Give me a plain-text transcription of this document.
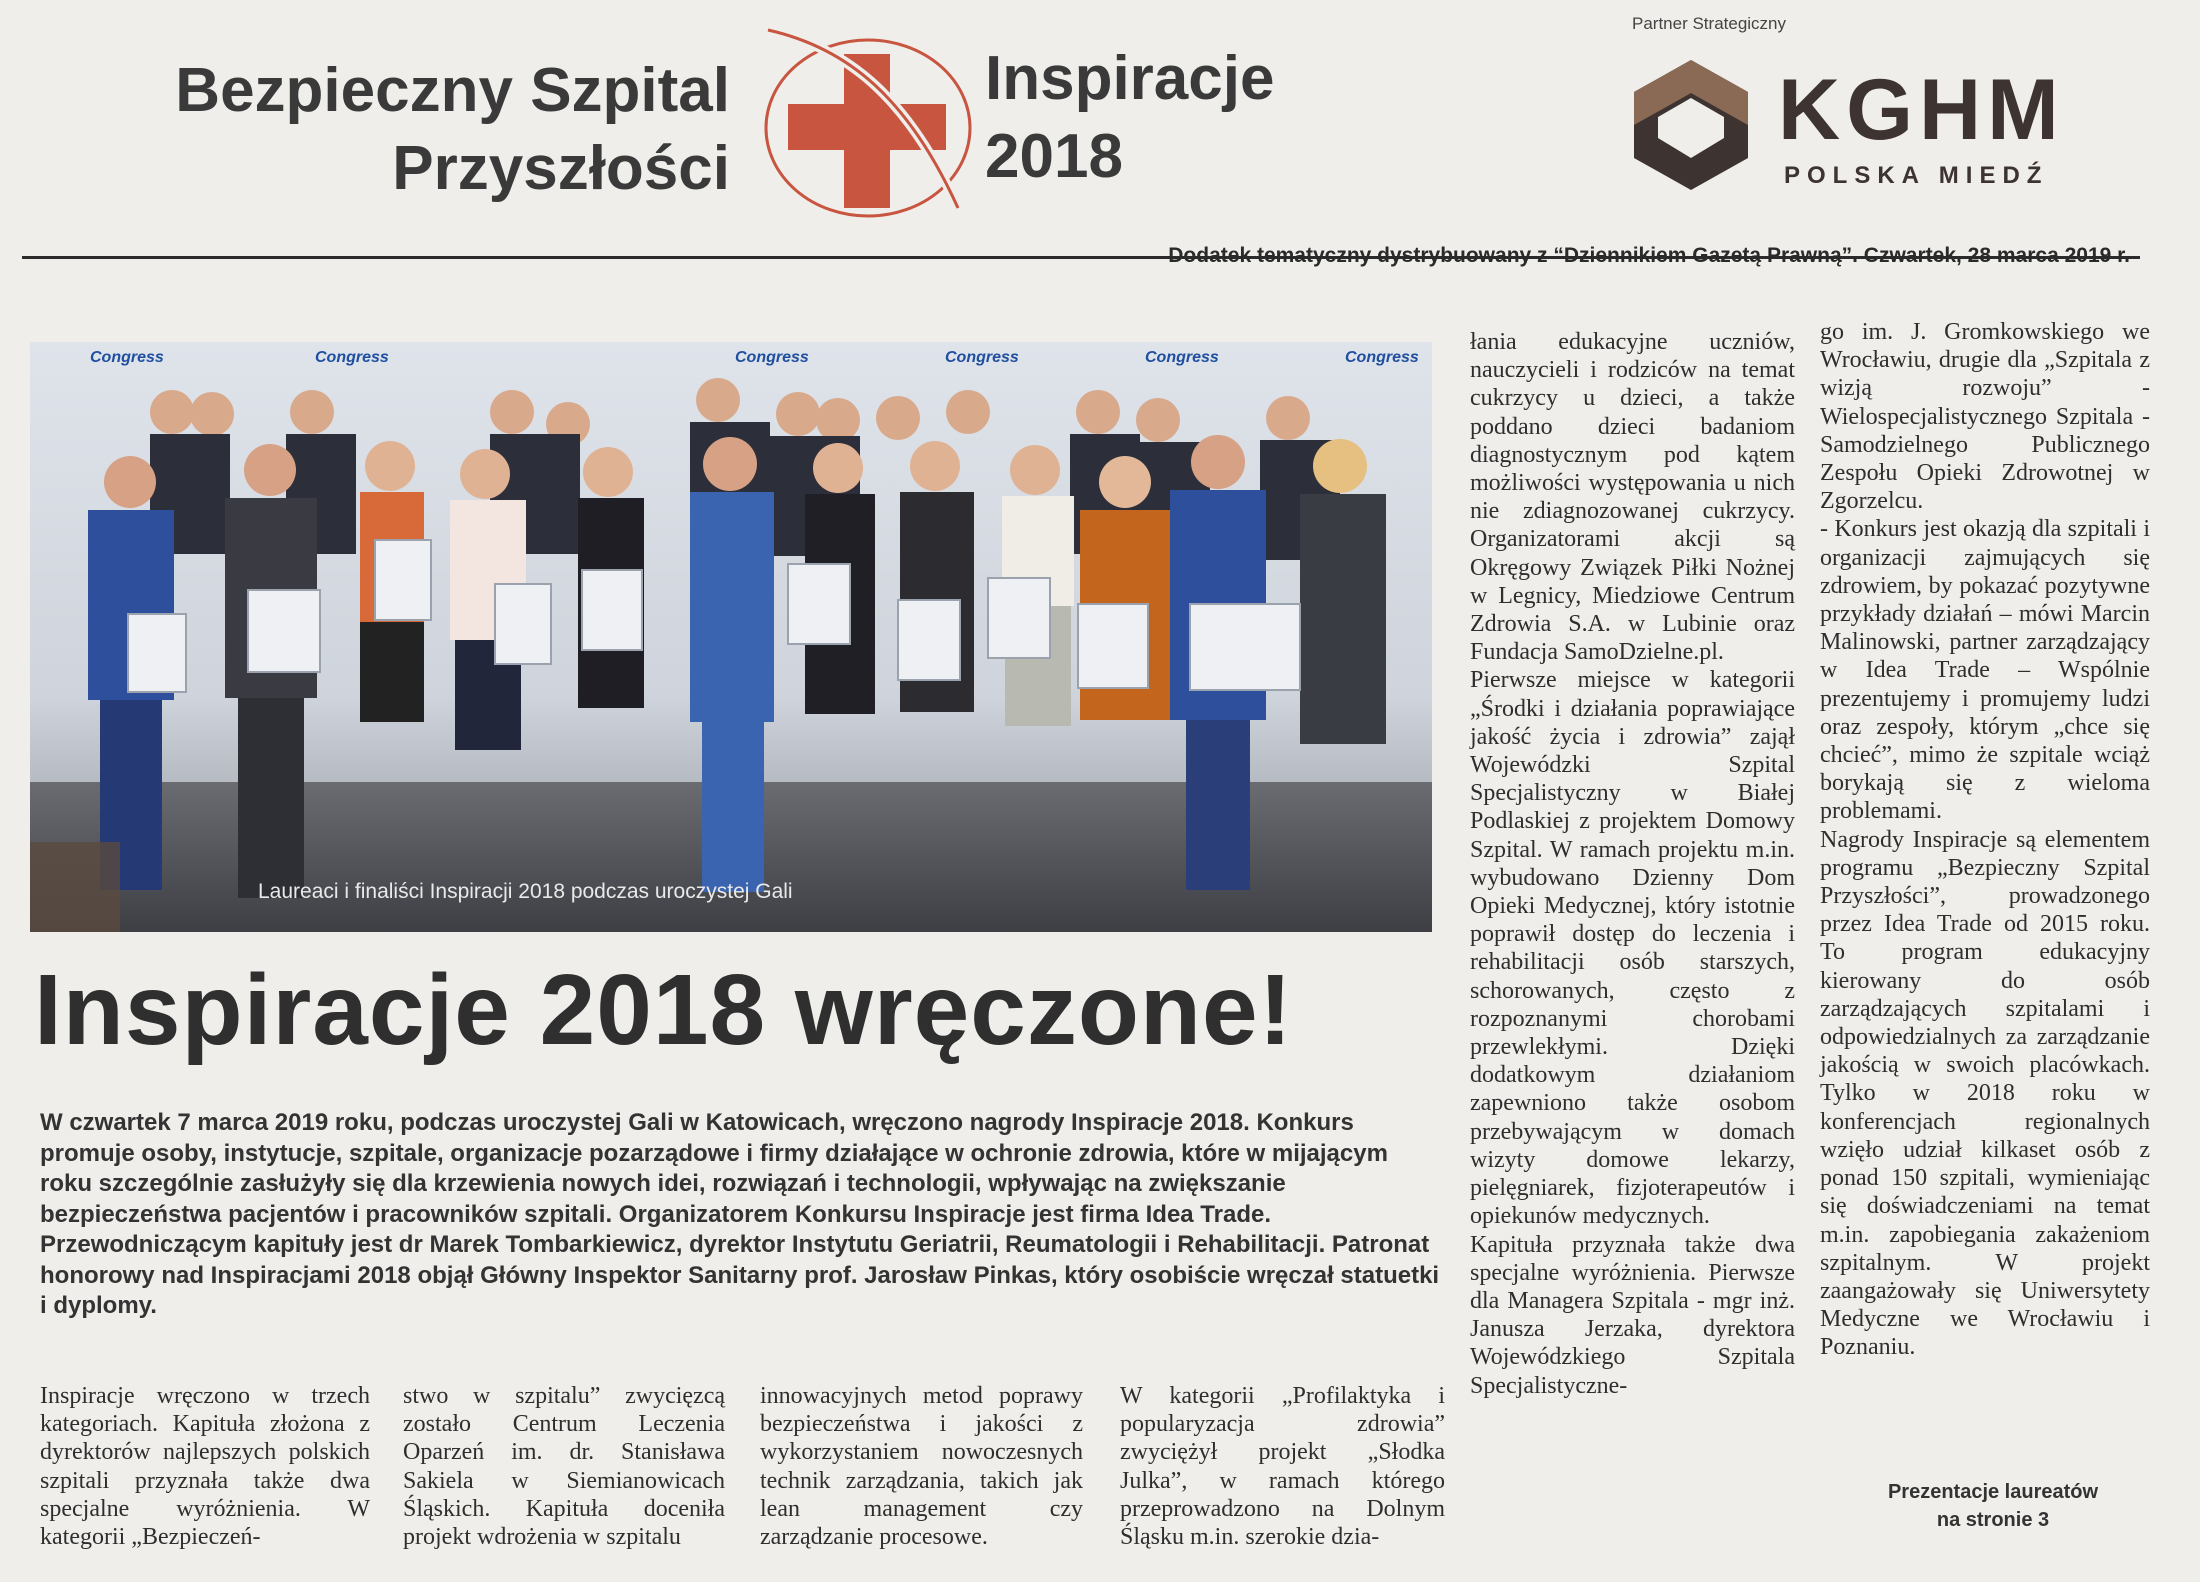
Bezpieczny Szpital
Przyszłości
Inspiracje
2018
Partner Strategiczny
KGHM
POLSKA MIEDŹ
Dodatek tematyczny dystrybuowany z “Dziennikiem Gazetą Prawną”. Czwartek, 28 marca 2019 r.
Congress	Congress	Congress	Congress	Congress	Congress
Laureaci i finaliści Inspiracji 2018 podczas uroczystej Gali
Inspiracje 2018 wręczone!
W czwartek 7 marca 2019 roku, podczas uroczystej Gali w Katowicach, wręczono nagrody Inspiracje 2018. Konkurs promuje osoby, instytucje, szpitale, organizacje pozarządowe i firmy działające w ochronie zdrowia, które w mijającym roku szczególnie zasłużyły się dla krzewienia nowych idei, rozwiązań i technologii, wpływając na zwiększanie bezpieczeństwa pacjentów i pracowników szpitali. Organizatorem Konkursu Inspiracje jest firma Idea Trade. Przewodniczącym kapituły jest dr Marek Tombarkiewicz, dyrektor Instytutu Geriatrii, Reumatologii i Rehabilitacji. Patronat honorowy nad Inspiracjami 2018 objął Główny Inspektor Sanitarny prof. Jarosław Pinkas, który osobiście wręczał statuetki i dyplomy.

Inspiracje wręczono w trzech kategoriach. Kapituła złożona z dyrektorów najlepszych polskich szpitali przyznała także dwa specjalne wyróżnienia. W kategorii „Bezpieczeń-

stwo w szpitalu” zwycięzcą zostało Centrum Leczenia Oparzeń im. dr. Stanisława Sakiela w Siemianowicach Śląskich. Kapituła doceniła projekt wdrożenia w szpitalu

innowacyjnych metod poprawy bezpieczeństwa i jakości z wykorzystaniem nowoczesnych technik zarządzania, takich jak lean management czy zarządzanie procesowe.

W kategorii „Profilaktyka i popularyzacja zdrowia” zwyciężył projekt „Słodka Julka”, w ramach którego przeprowadzono na Dolnym Śląsku m.in. szerokie dzia-

łania edukacyjne uczniów, nauczycieli i rodziców na temat cukrzycy u dzieci, a także poddano dzieci badaniom diagnostycznym pod kątem możliwości występowania u nich nie zdiagnozowanej cukrzycy. Organizatorami akcji są Okręgowy Związek Piłki Nożnej w Legnicy, Miedziowe Centrum Zdrowia S.A. w Lubinie oraz Fundacja SamoDzielne.pl.

Pierwsze miejsce w kategorii „Środki i działania poprawiające jakość życia i zdrowia” zajął Wojewódzki Szpital Specjalistyczny w Białej Podlaskiej z projektem Domowy Szpital. W ramach projektu m.in. wybudowano Dzienny Dom Opieki Medycznej, który istotnie poprawił dostęp do leczenia i rehabilitacji osób starszych, schorowanych, często z rozpoznanymi chorobami przewlekłymi. Dzięki dodatkowym działaniom zapewniono także osobom przebywającym w domach wizyty domowe lekarzy, pielęgniarek, fizjoterapeutów i opiekunów medycznych.

Kapituła przyznała także dwa specjalne wyróżnienia. Pierwsze dla Managera Szpitala - mgr inż. Janusza Jerzaka, dyrektora Wojewódzkiego Szpitala Specjalistyczne-

go im. J. Gromkowskiego we Wrocławiu, drugie dla „Szpitala z wizją rozwoju” - Wielospecjalistycznego Szpitala - Samodzielnego Publicznego Zespołu Opieki Zdrowotnej w Zgorzelcu.

- Konkurs jest okazją dla szpitali i organizacji zajmujących się zdrowiem, by pokazać pozytywne przykłady działań – mówi Marcin Malinowski, partner zarządzający w Idea Trade – Wspólnie prezentujemy i promujemy ludzi oraz zespoły, którym „chce się chcieć”, mimo że szpitale wciąż borykają się z wieloma problemami.

Nagrody Inspiracje są elementem programu „Bezpieczny Szpital Przyszłości”, prowadzonego przez Idea Trade od 2015 roku. To program edukacyjny kierowany do osób zarządzających szpitalami i odpowiedzialnych za zarządzanie jakością w swoich placówkach. Tylko w 2018 roku w konferencjach regionalnych wzięło udział kilkaset osób z ponad 150 szpitali, wymieniając się doświadczeniami na temat m.in. zapobiegania zakażeniom szpitalnym. W projekt zaangażowały się Uniwersytety Medyczne we Wrocławiu i Poznaniu.

Prezentacje laureatów
na stronie 3
